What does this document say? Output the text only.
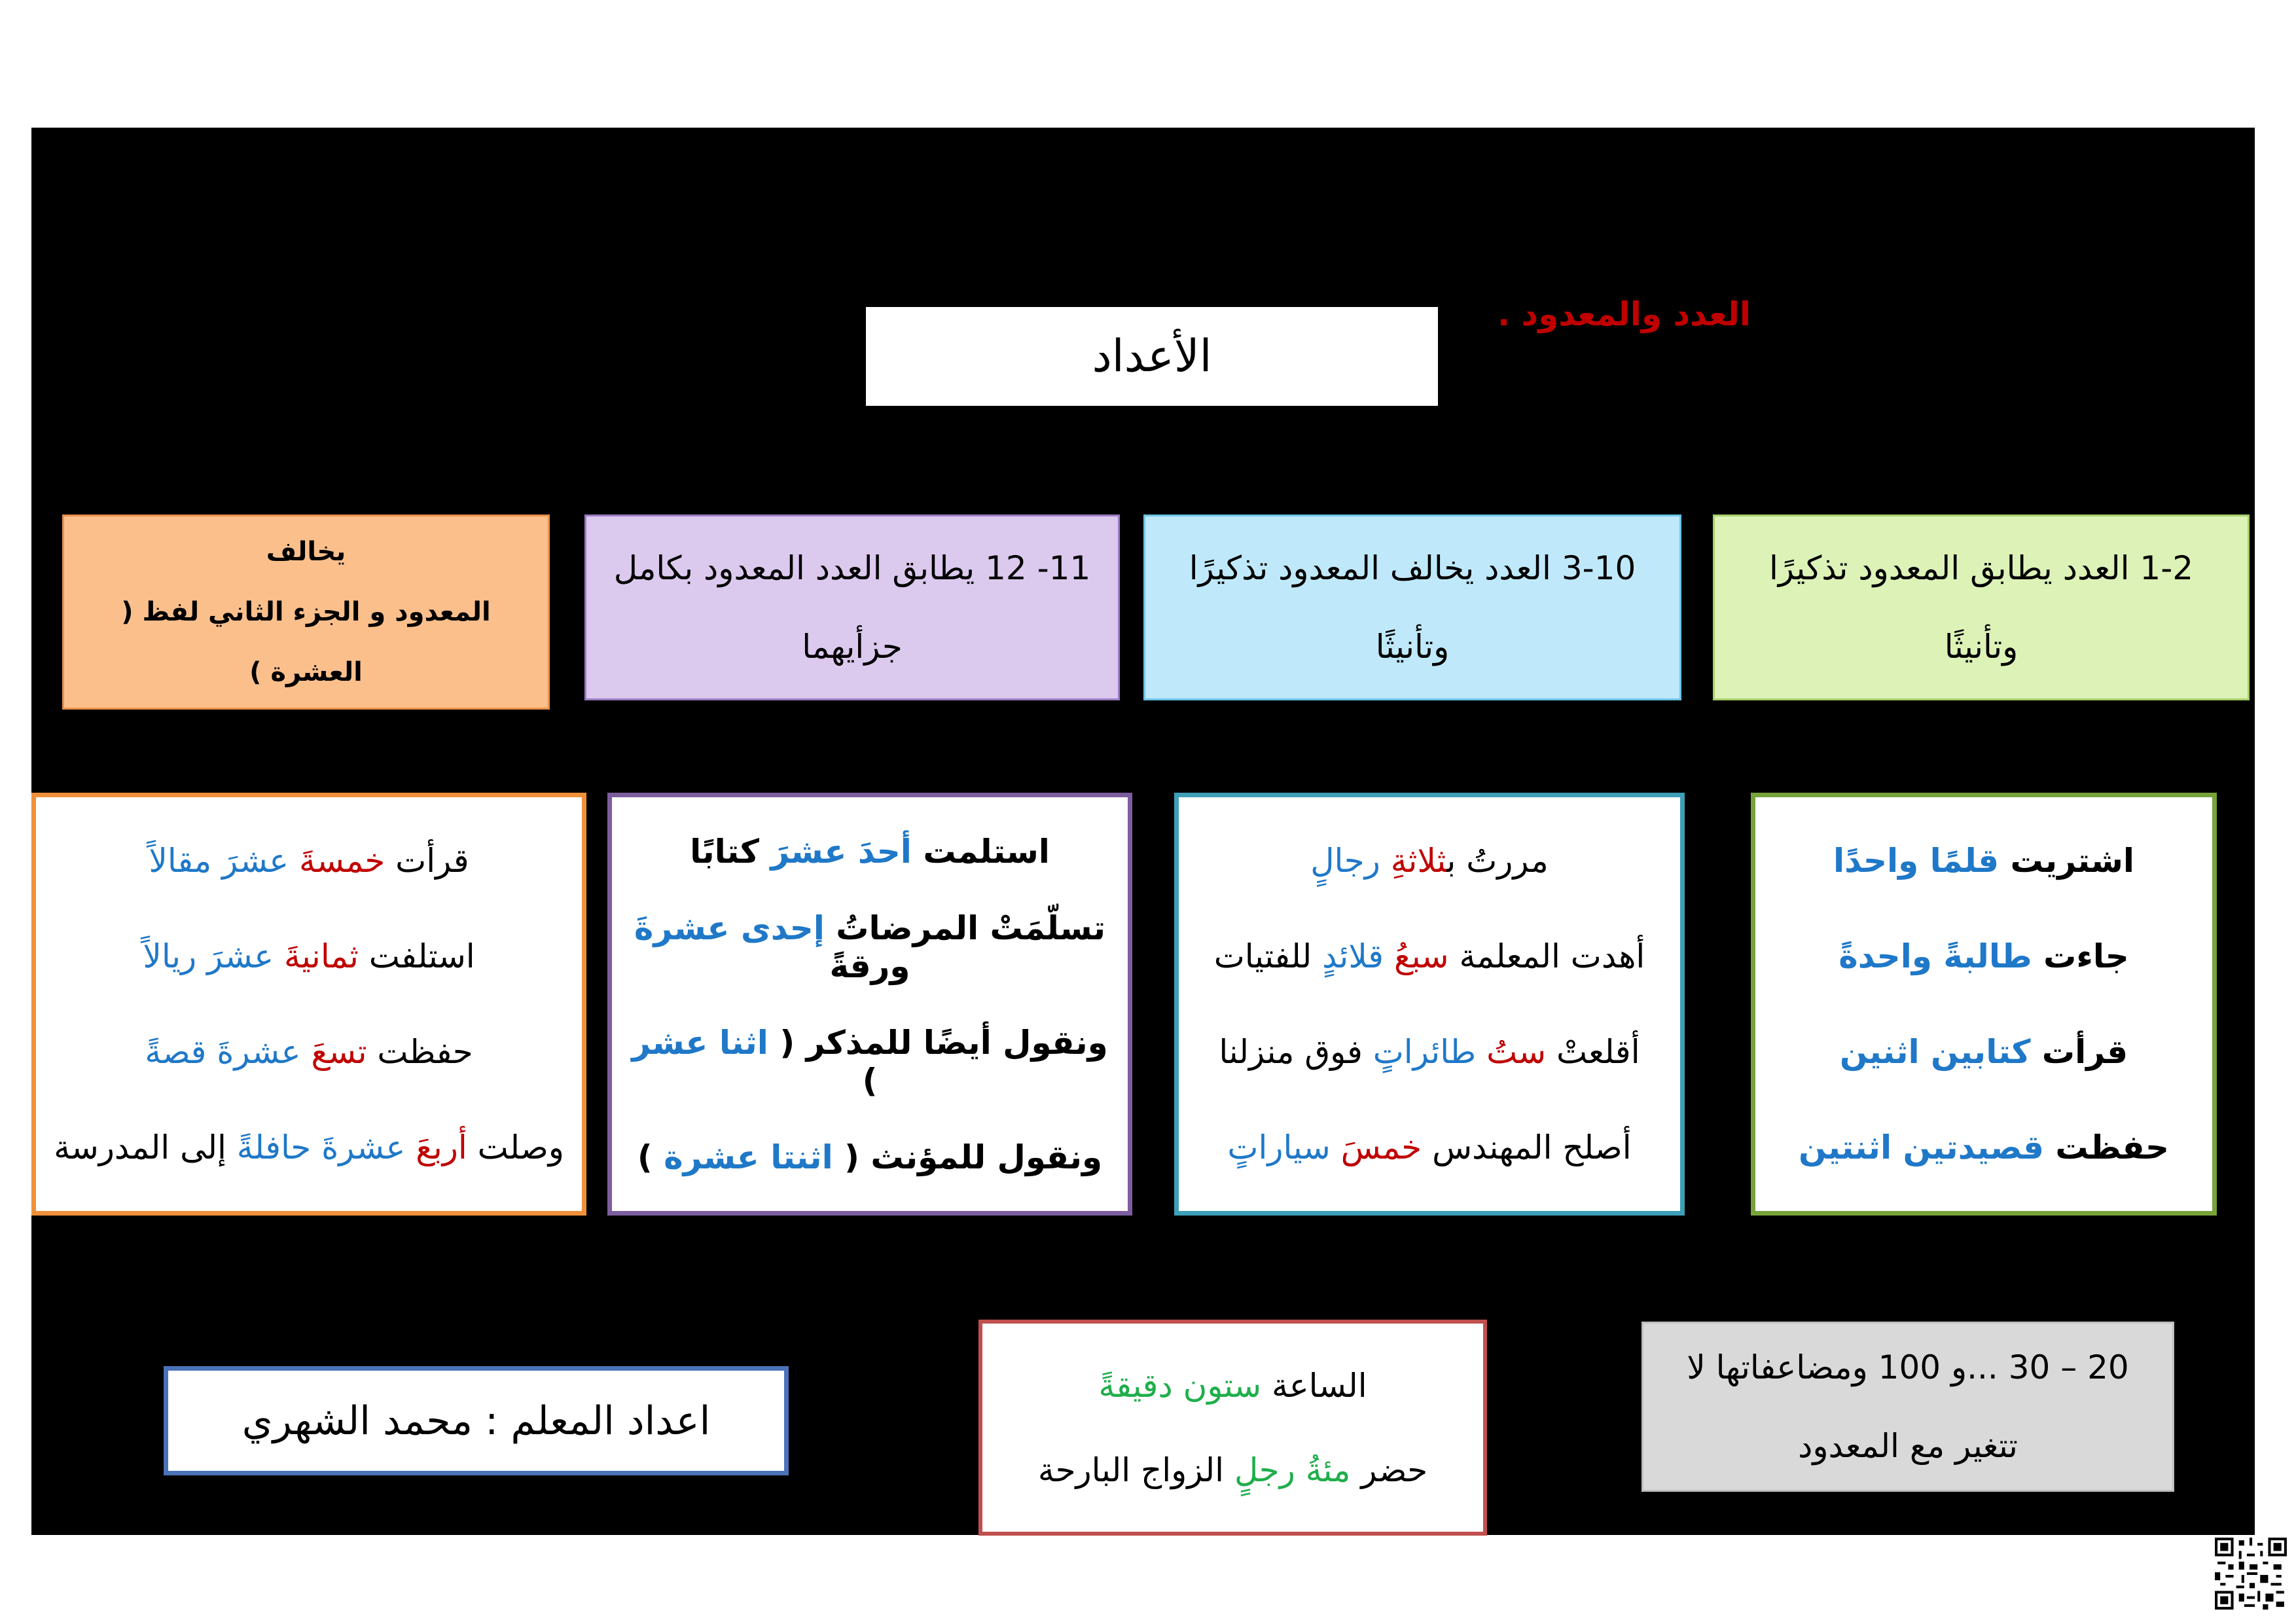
العدد والمعدود .
الأعداد
1-2 العدد يطابق المعدود تذكيرًا
وتأنيثًا
3-10 العدد يخالف المعدود تذكيرًا
وتأنيثًا
11- 12 يطابق العدد المعدود بكامل
جزأيهما
13 – 19 الجزء الأول من العدد يخالف
المعدود و الجزء الثاني لفظ ( العشرة )
يطابق المعدود
اشتريت قلمًا واحدًا
جاءت طالبةً واحدةً
قرأت كتابين اثنين
حفظت قصيدتين اثنتين
مررتُ بثلاثةِ رجالٍ
أهدت المعلمة سبعُ قلائدٍ للفتيات
أقلعتْ ستُ طائراتٍ فوق منزلنا
أصلح المهندس خمسَ سياراتٍ
استلمت أحدَ عشرَ كتابًا
تسلّمَتْ المرضاتُ إحدى عشرةَ ورقةً
ونقول أيضًا للمذكر ( اثنا عشر )
ونقول للمؤنث ( اثنتا عشرة )
قرأت خمسةَ عشرَ مقالاً
استلفت ثمانيةَ عشرَ ريالاً
حفظت تسعَ عشرةَ قصةً
وصلت أربعَ عشرةَ حافلةً إلى المدرسة
20 – 30 ...و 100 ومضاعفاتها لا
تتغير مع المعدود
الساعة ستون دقيقةً
حضر مئةُ رجلٍ الزواج البارحة
اعداد المعلم : محمد الشهري
